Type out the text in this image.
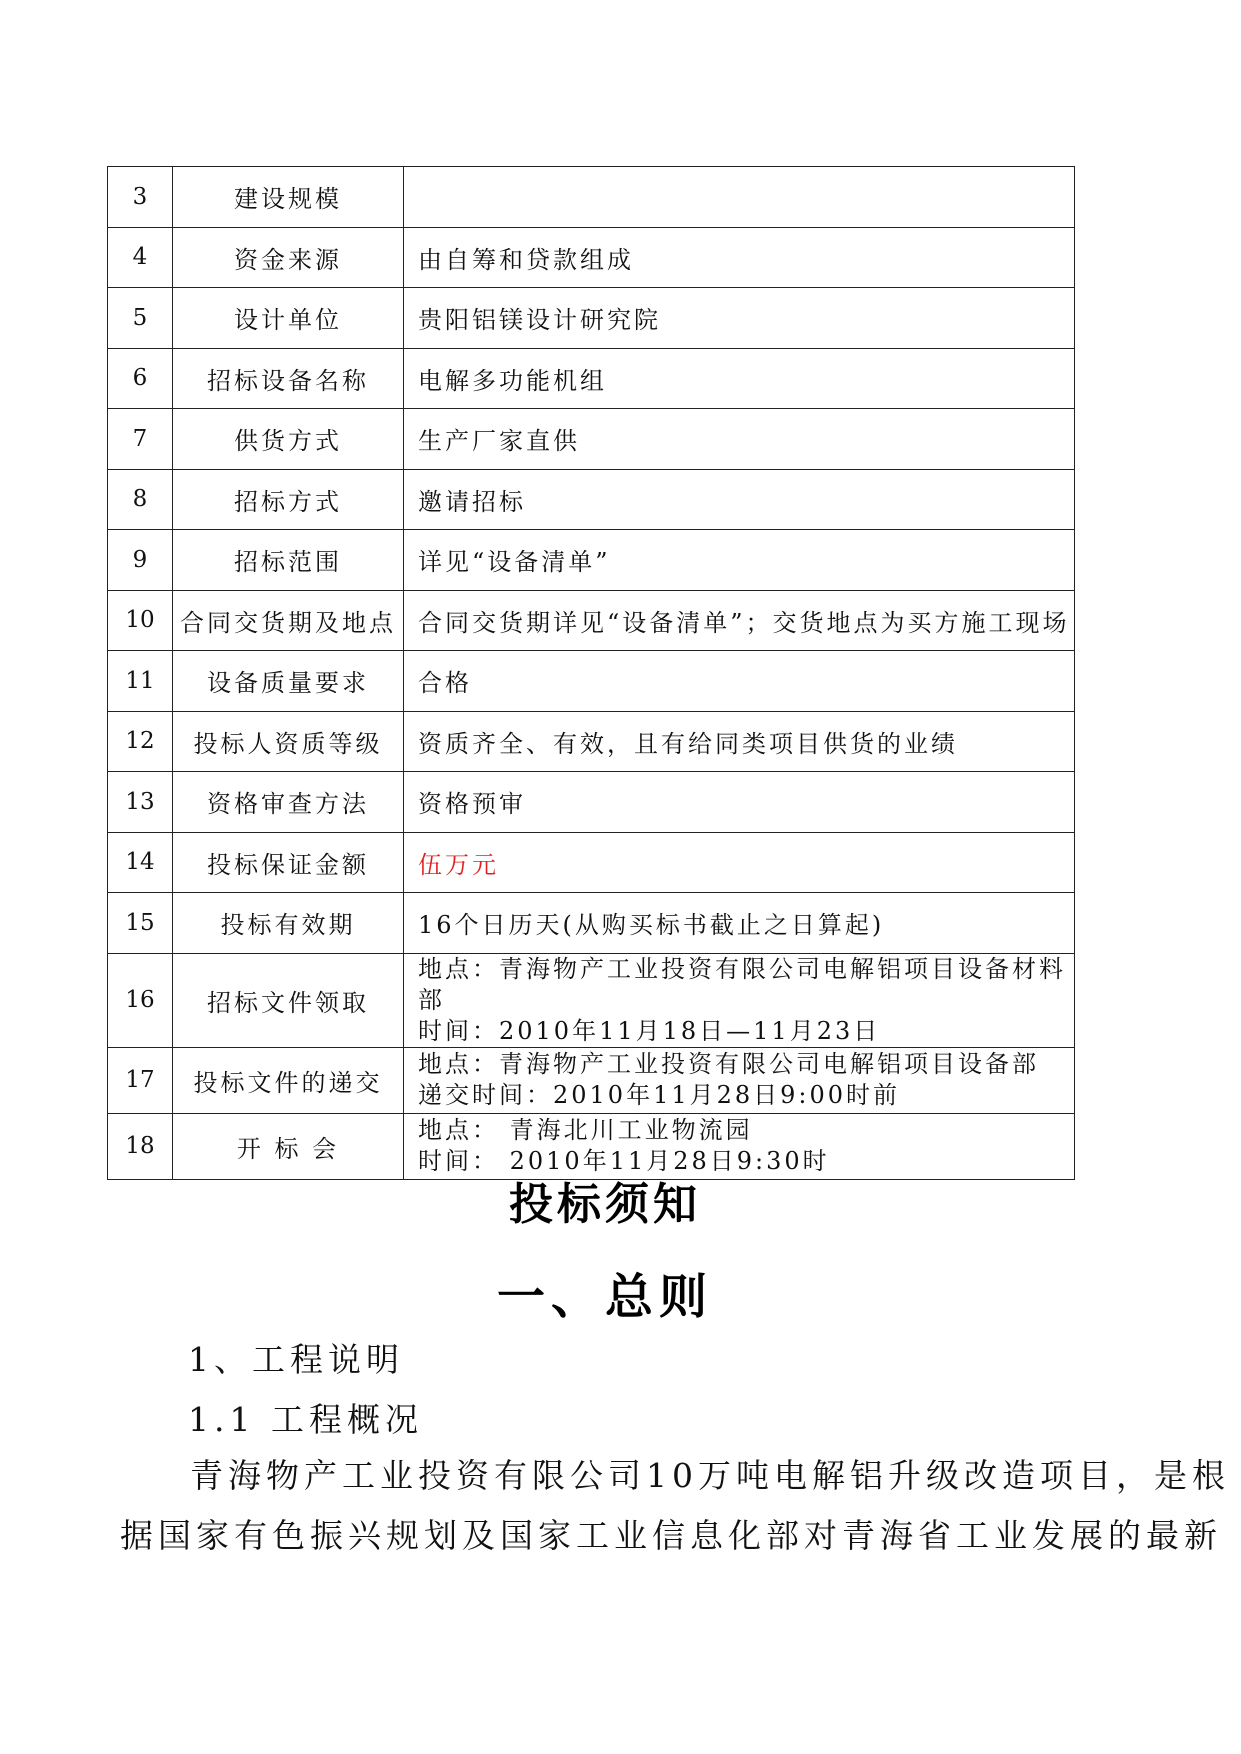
3	建设规模	
4	资金来源	由自筹和贷款组成
5	设计单位	贵阳铝镁设计研究院
6	招标设备名称	电解多功能机组
7	供货方式	生产厂家直供
8	招标方式	邀请招标
9	招标范围	详见“设备清单”
10	合同交货期及地点	合同交货期详见“设备清单”；交货地点为买方施工现场
11	设备质量要求	合格
12	投标人资质等级	资质齐全、有效，且有给同类项目供货的业绩
13	资格审查方法	资格预审
14	投标保证金额	伍万元
15	投标有效期	16个日历天(从购买标书截止之日算起)
16	招标文件领取	地点：青海物产工业投资有限公司电解铝项目设备材料部
时间：2010年11月18日—11月23日

17	投标文件的递交	地点：青海物产工业投资有限公司电解铝项目设备部
递交时间：2010年11月28日9:00时前

18	开 标 会	地点： 青海北川工业物流园
时间： 2010年11月28日9:30时
投标须知
一、总则
1、工程说明
1.1 工程概况
青海物产工业投资有限公司10万吨电解铝升级改造项目，是根
据国家有色振兴规划及国家工业信息化部对青海省工业发展的最新
